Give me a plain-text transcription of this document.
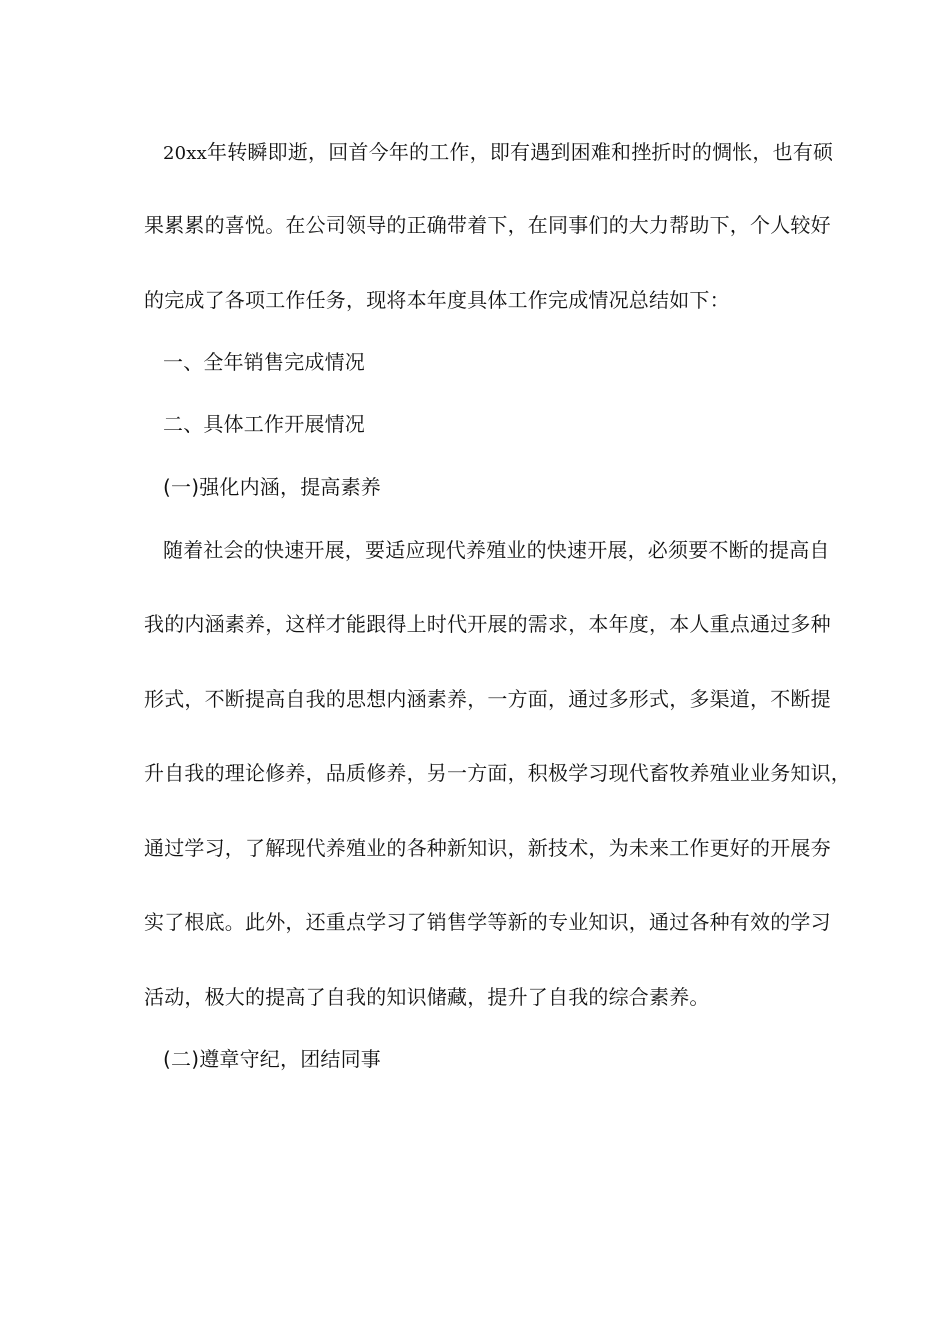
20xx年转瞬即逝，回首今年的工作，即有遇到困难和挫折时的惆怅，也有硕
果累累的喜悦。在公司领导的正确带着下，在同事们的大力帮助下，个人较好
的完成了各项工作任务，现将本年度具体工作完成情况总结如下：
一、全年销售完成情况
二、具体工作开展情况
(一)强化内涵，提高素养
随着社会的快速开展，要适应现代养殖业的快速开展，必须要不断的提高自
我的内涵素养，这样才能跟得上时代开展的需求，本年度，本人重点通过多种
形式，不断提高自我的思想内涵素养，一方面，通过多形式，多渠道，不断提
升自我的理论修养，品质修养，另一方面，积极学习现代畜牧养殖业业务知识，
通过学习，了解现代养殖业的各种新知识，新技术，为未来工作更好的开展夯
实了根底。此外，还重点学习了销售学等新的专业知识，通过各种有效的学习
活动，极大的提高了自我的知识储藏，提升了自我的综合素养。
(二)遵章守纪，团结同事
